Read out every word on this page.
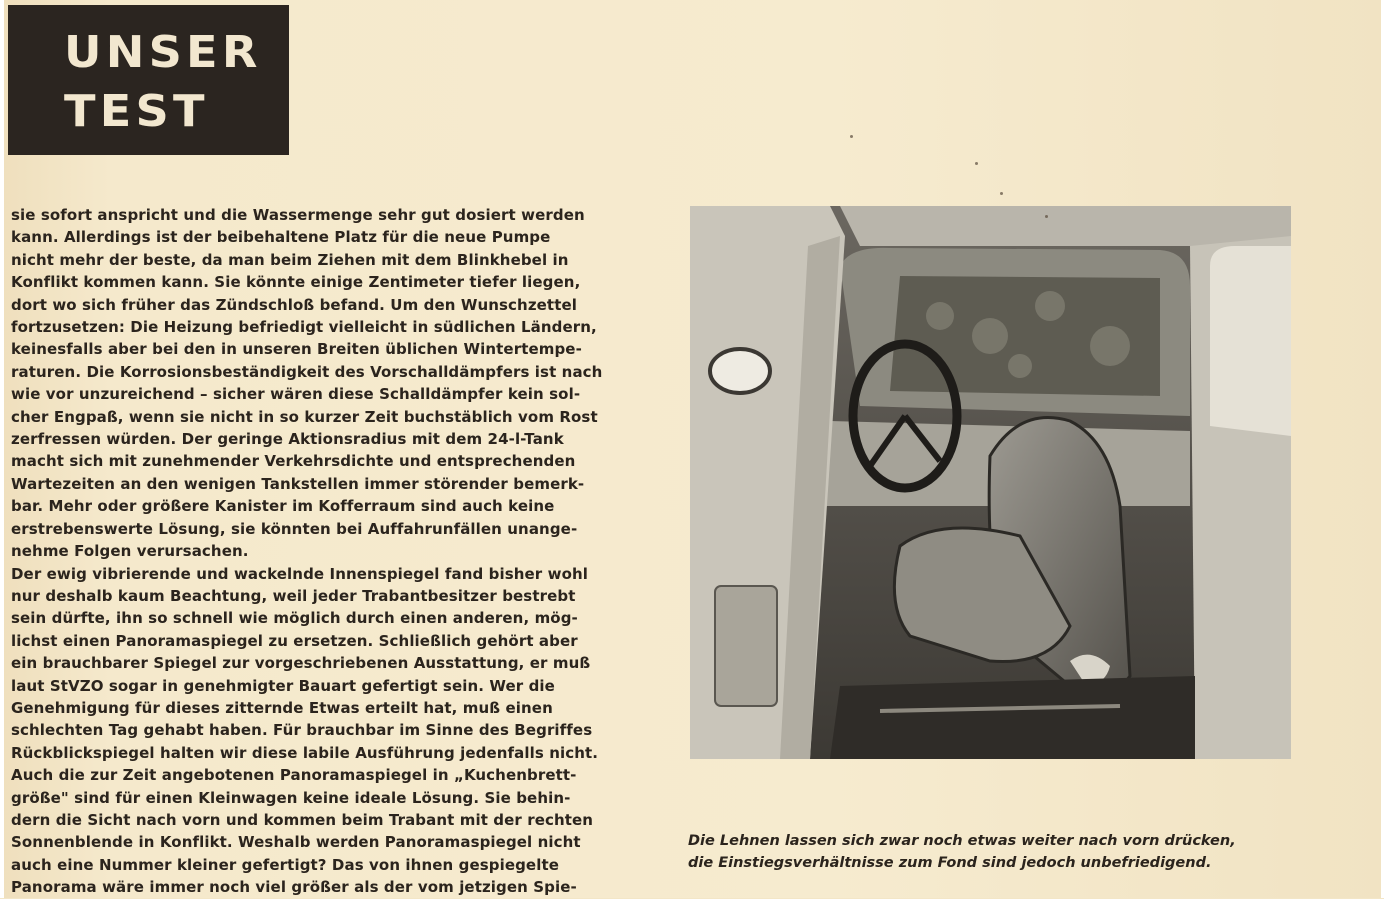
UNSER
TEST

sie sofort anspricht und die Wassermenge sehr gut dosiert werden
kann. Allerdings ist der beibehaltene Platz für die neue Pumpe
nicht mehr der beste, da man beim Ziehen mit dem Blinkhebel in
Konflikt kommen kann. Sie könnte einige Zentimeter tiefer liegen,
dort wo sich früher das Zündschloß befand. Um den Wunschzettel
fortzusetzen: Die Heizung befriedigt vielleicht in südlichen Ländern,
keinesfalls aber bei den in unseren Breiten üblichen Wintertempe-
raturen. Die Korrosionsbeständigkeit des Vorschalldämpfers ist nach
wie vor unzureichend – sicher wären diese Schalldämpfer kein sol-
cher Engpaß, wenn sie nicht in so kurzer Zeit buchstäblich vom Rost
zerfressen würden. Der geringe Aktionsradius mit dem 24-l-Tank
macht sich mit zunehmender Verkehrsdichte und entsprechenden
Wartezeiten an den wenigen Tankstellen immer störender bemerk-
bar. Mehr oder größere Kanister im Kofferraum sind auch keine
erstrebenswerte Lösung, sie könnten bei Auffahrunfällen unange-
nehme Folgen verursachen.

Der ewig vibrierende und wackelnde Innenspiegel fand bisher wohl
nur deshalb kaum Beachtung, weil jeder Trabantbesitzer bestrebt
sein dürfte, ihn so schnell wie möglich durch einen anderen, mög-
lichst einen Panoramaspiegel zu ersetzen. Schließlich gehört aber
ein brauchbarer Spiegel zur vorgeschriebenen Ausstattung, er muß
laut StVZO sogar in genehmigter Bauart gefertigt sein. Wer die
Genehmigung für dieses zitternde Etwas erteilt hat, muß einen
schlechten Tag gehabt haben. Für brauchbar im Sinne des Begriffes
Rückblickspiegel halten wir diese labile Ausführung jedenfalls nicht.
Auch die zur Zeit angebotenen Panoramaspiegel in „Kuchenbrett-
größe" sind für einen Kleinwagen keine ideale Lösung. Sie behin-
dern die Sicht nach vorn und kommen beim Trabant mit der rechten
Sonnenblende in Konflikt. Weshalb werden Panoramaspiegel nicht
auch eine Nummer kleiner gefertigt? Das von ihnen gespiegelte
Panorama wäre immer noch viel größer als der vom jetzigen Spie-

Die Lehnen lassen sich zwar noch etwas weiter nach vorn drücken,
die Einstiegsverhältnisse zum Fond sind jedoch unbefriedigend.
